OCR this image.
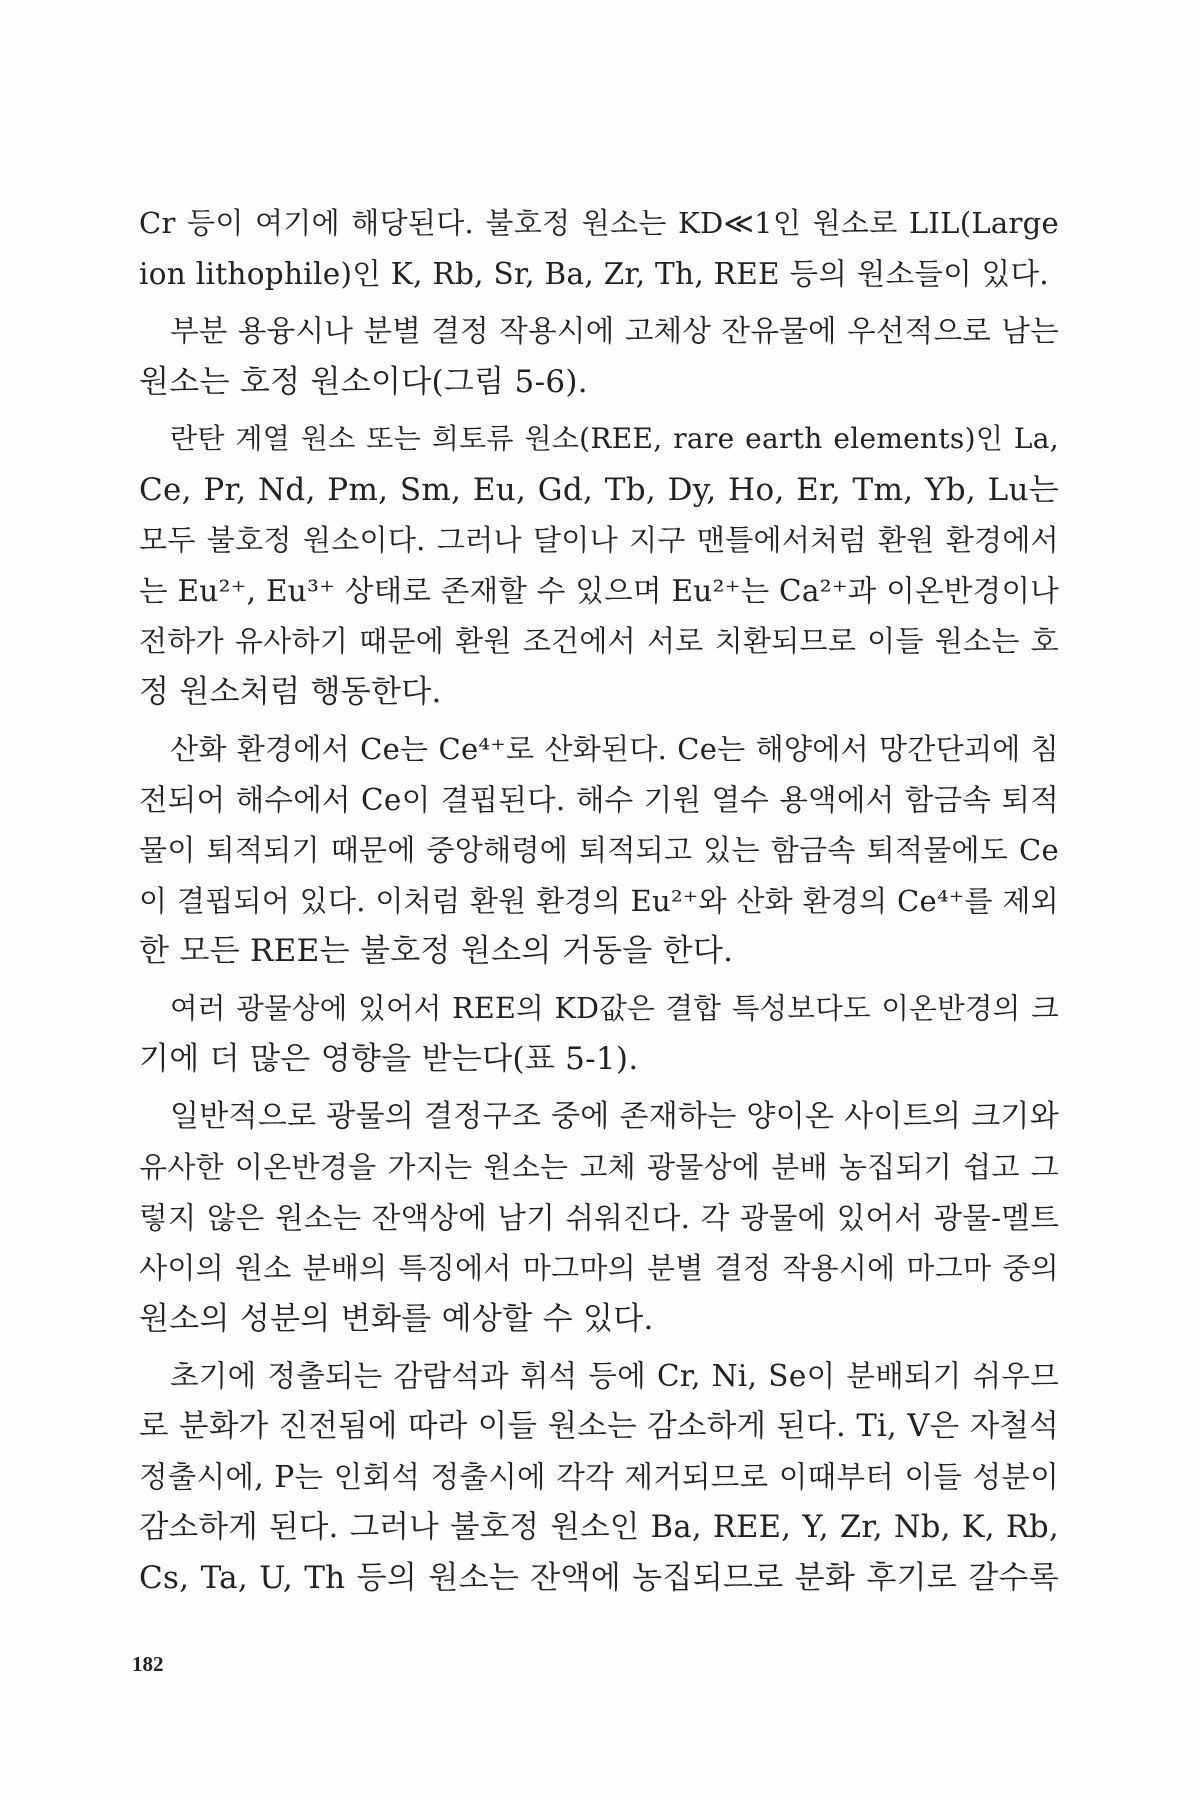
Cr 등이 여기에 해당된다. 불호정 원소는 KD≪1인 원소로 LIL(Large
ion lithophile)인 K, Rb, Sr, Ba, Zr, Th, REE 등의 원소들이 있다.

부분 용융시나 분별 결정 작용시에 고체상 잔유물에 우선적으로 남는
원소는 호정 원소이다(그림 5-6).

란탄 계열 원소 또는 희토류 원소(REE, rare earth elements)인 La,
Ce, Pr, Nd, Pm, Sm, Eu, Gd, Tb, Dy, Ho, Er, Tm, Yb, Lu는
모두 불호정 원소이다. 그러나 달이나 지구 맨틀에서처럼 환원 환경에서
는 Eu²⁺, Eu³⁺ 상태로 존재할 수 있으며 Eu²⁺는 Ca²⁺과 이온반경이나
전하가 유사하기 때문에 환원 조건에서 서로 치환되므로 이들 원소는 호
정 원소처럼 행동한다.

산화 환경에서 Ce는 Ce⁴⁺로 산화된다. Ce는 해양에서 망간단괴에 침
전되어 해수에서 Ce이 결핍된다. 해수 기원 열수 용액에서 함금속 퇴적
물이 퇴적되기 때문에 중앙해령에 퇴적되고 있는 함금속 퇴적물에도 Ce
이 결핍되어 있다. 이처럼 환원 환경의 Eu²⁺와 산화 환경의 Ce⁴⁺를 제외
한 모든 REE는 불호정 원소의 거동을 한다.

여러 광물상에 있어서 REE의 KD값은 결합 특성보다도 이온반경의 크
기에 더 많은 영향을 받는다(표 5-1).

일반적으로 광물의 결정구조 중에 존재하는 양이온 사이트의 크기와
유사한 이온반경을 가지는 원소는 고체 광물상에 분배 농집되기 쉽고 그
렇지 않은 원소는 잔액상에 남기 쉬워진다. 각 광물에 있어서 광물-멜트
사이의 원소 분배의 특징에서 마그마의 분별 결정 작용시에 마그마 중의
원소의 성분의 변화를 예상할 수 있다.

초기에 정출되는 감람석과 휘석 등에 Cr, Ni, Se이 분배되기 쉬우므
로 분화가 진전됨에 따라 이들 원소는 감소하게 된다. Ti, V은 자철석
정출시에, P는 인회석 정출시에 각각 제거되므로 이때부터 이들 성분이
감소하게 된다. 그러나 불호정 원소인 Ba, REE, Y, Zr, Nb, K, Rb,
Cs, Ta, U, Th 등의 원소는 잔액에 농집되므로 분화 후기로 갈수록

182
